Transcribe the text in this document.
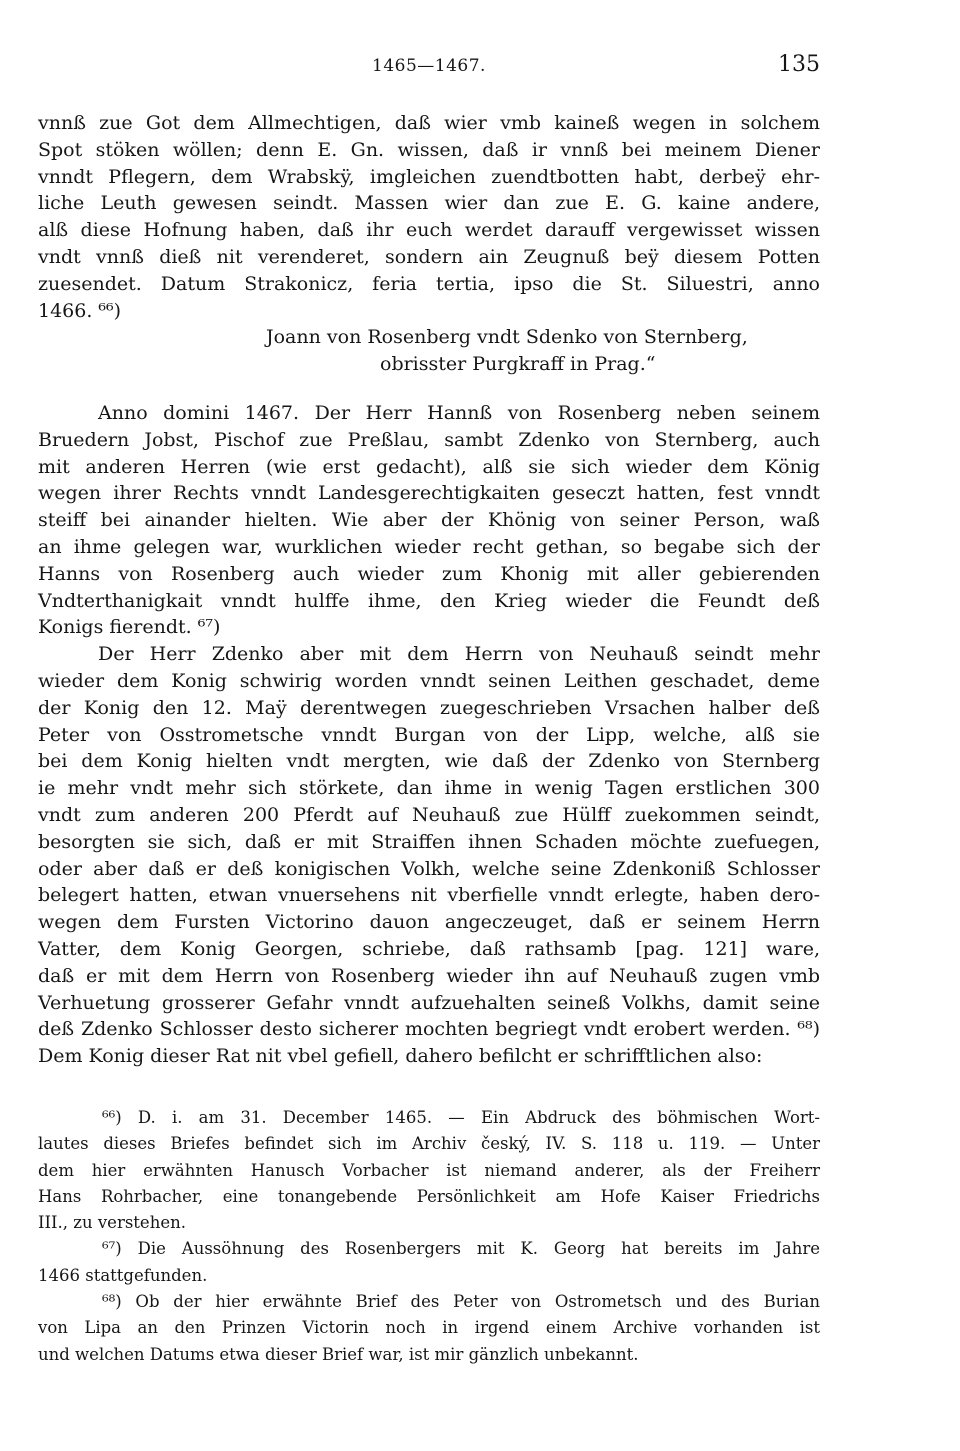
1465—1467.	135
vnnß zue Got dem Allmechtigen, daß wier vmb kaineß wegen in solchem
Spot stöken wöllen; denn E. Gn. wissen, daß ir vnnß bei meinem Diener
vnndt Pflegern, dem Wrabskÿ, imgleichen zuendtbotten habt, derbeÿ ehr-
liche Leuth gewesen seindt. Massen wier dan zue E. G. kaine andere,
alß diese Hofnung haben, daß ihr euch werdet darauff vergewisset wissen
vndt vnnß dieß nit verenderet, sondern ain Zeugnuß beÿ diesem Potten
zuesendet. Datum Strakonicz, feria tertia, ipso die St. Siluestri, anno
1466. ⁶⁶)
Joann von Rosenberg vndt Sdenko von Sternberg,
obrisster Purgkraff in Prag.“
Anno domini 1467. Der Herr Hannß von Rosenberg neben seinem
Bruedern Jobst, Pischof zue Preßlau, sambt Zdenko von Sternberg, auch
mit anderen Herren (wie erst gedacht), alß sie sich wieder dem König
wegen ihrer Rechts vnndt Landesgerechtigkaiten geseczt hatten, fest vnndt
steiff bei ainander hielten. Wie aber der Khönig von seiner Person, waß
an ihme gelegen war, wurklichen wieder recht gethan, so begabe sich der
Hanns von Rosenberg auch wieder zum Khonig mit aller gebierenden
Vndterthanigkait vnndt hulffe ihme, den Krieg wieder die Feundt deß
Konigs fierendt. ⁶⁷)
Der Herr Zdenko aber mit dem Herrn von Neuhauß seindt mehr
wieder dem Konig schwirig worden vnndt seinen Leithen geschadet, deme
der Konig den 12. Maÿ derentwegen zuegeschrieben Vrsachen halber deß
Peter von Osstrometsche vnndt Burgan von der Lipp, welche, alß sie
bei dem Konig hielten vndt mergten, wie daß der Zdenko von Sternberg
ie mehr vndt mehr sich störkete, dan ihme in wenig Tagen erstlichen 300
vndt zum anderen 200 Pferdt auf Neuhauß zue Hülff zuekommen seindt,
besorgten sie sich, daß er mit Straiffen ihnen Schaden möchte zuefuegen,
oder aber daß er deß konigischen Volkh, welche seine Zdenkoniß Schlosser
belegert hatten, etwan vnuersehens nit vberfielle vnndt erlegte, haben dero-
wegen dem Fursten Victorino dauon angeczeuget, daß er seinem Herrn
Vatter, dem Konig Georgen, schriebe, daß rathsamb [pag. 121] ware,
daß er mit dem Herrn von Rosenberg wieder ihn auf Neuhauß zugen vmb
Verhuetung grosserer Gefahr vnndt aufzuehalten seineß Volkhs, damit seine
deß Zdenko Schlosser desto sicherer mochten begriegt vndt erobert werden. ⁶⁸)
Dem Konig dieser Rat nit vbel gefiell, dahero befilcht er schrifftlichen also:
⁶⁶) D. i. am 31. December 1465. — Ein Abdruck des böhmischen Wort-
lautes dieses Briefes befindet sich im Archiv český, IV. S. 118 u. 119. — Unter
dem hier erwähnten Hanusch Vorbacher ist niemand anderer, als der Freiherr
Hans Rohrbacher, eine tonangebende Persönlichkeit am Hofe Kaiser Friedrichs
III., zu verstehen.
⁶⁷) Die Aussöhnung des Rosenbergers mit K. Georg hat bereits im Jahre
1466 stattgefunden.
⁶⁸) Ob der hier erwähnte Brief des Peter von Ostrometsch und des Burian
von Lipa an den Prinzen Victorin noch in irgend einem Archive vorhanden ist
und welchen Datums etwa dieser Brief war, ist mir gänzlich unbekannt.
